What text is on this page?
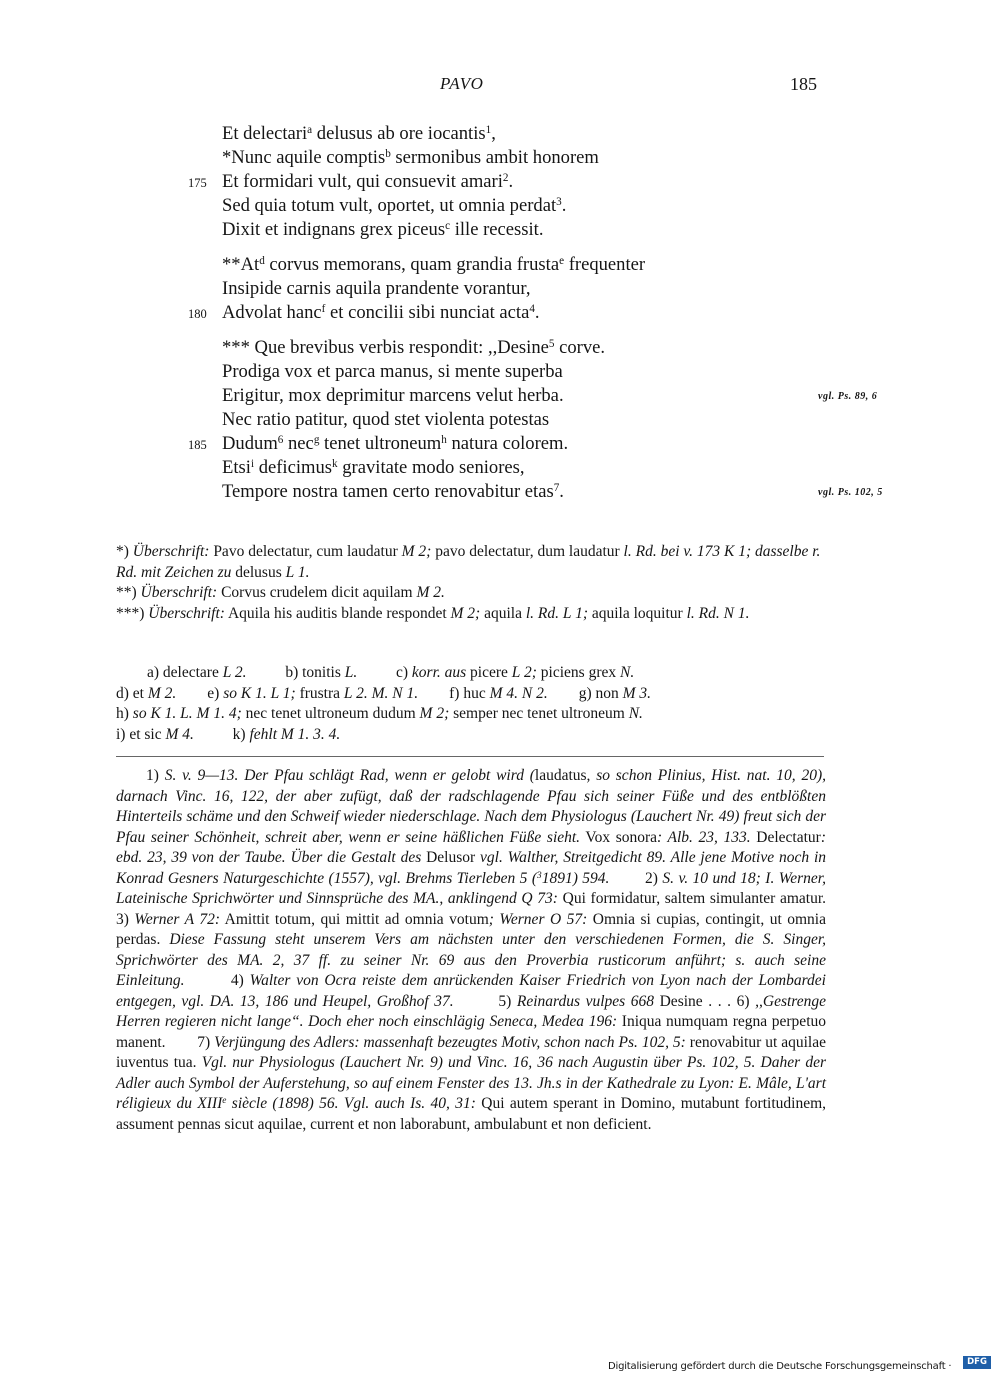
PAVO	185
Et delectari$^a$ delusus ab ore iocantis$^1$,
*Nunc aquile comptis$^b$ sermonibus ambit honorem
175 Et formidari vult, qui consuevit amari$^2$.
Sed quia totum vult, oportet, ut omnia perdat$^3$.
Dixit et indignans grex piceus$^c$ ille recessit.
**At$^d$ corvus memorans, quam grandia frusta$^e$ frequenter
Insipide carnis aquila prandente vorantur,
180 Advolat hanc$^f$ et concilii sibi nunciat acta$^4$.
*** Que brevibus verbis respondit: ,,Desine$^5$ corve.
Prodiga vox et parca manus, si mente superba
Erigitur, mox deprimitur marcens velut herba.	vgl. Ps. 89, 6
Nec ratio patitur, quod stet violenta potestas
185 Dudum$^6$ nec$^g$ tenet ultroneum$^h$ natura colorem.
Etsi$^i$ deficimus$^k$ gravitate modo seniores,
Tempore nostra tamen certo renovabitur etas$^7$.	vgl. Ps. 102, 5
*) Überschrift: Pavo delectatur, cum laudatur M 2; pavo delectatur, dum laudatur l. Rd. bei v. 173 K 1; dasselbe r. Rd. mit Zeichen zu delusus L 1.
**) Überschrift: Corvus crudelem dicit aquilam M 2.
***) Überschrift: Aquila his auditis blande respondet M 2; aquila l. Rd. L 1; aquila loquitur l. Rd. N 1.
a) delectare L 2.          b) tonitis L.          c) korr. aus picere L 2; piciens grex N.
d) et M 2.        e) so K 1. L 1; frustra L 2. M. N 1.        f) huc M 4. N 2.        g) non M 3.
h) so K 1. L. M 1. 4; nec tenet ultroneum dudum M 2; semper nec tenet ultroneum N.
i) et sic M 4.          k) fehlt M 1. 3. 4.

1) S. v. 9—13. Der Pfau schlägt Rad, wenn er gelobt wird (laudatus, so schon Plinius, Hist. nat. 10, 20), darnach Vinc. 16, 122, der aber zufügt, daß der radschlagende Pfau sich seiner Füße und des entblößten Hinterteils schäme und den Schweif wieder niederschlage. Nach dem Physiologus (Lauchert Nr. 49) freut sich der Pfau seiner Schönheit, schreit aber, wenn er seine häßlichen Füße sieht. Vox sonora: Alb. 23, 133. Delectatur: ebd. 23, 39 von der Taube. Über die Gestalt des Delusor vgl. Walther, Streitgedicht 89. Alle jene Motive noch in Konrad Gesners Naturgeschichte (1557), vgl. Brehms Tierleben 5 ($^3$1891) 594.        2) S. v. 10 und 18; I. Werner, Lateinische Sprichwörter und Sinnsprüche des MA., anklingend Q 73: Qui formidatur, saltem simulanter amatur. 3) Werner A 72: Amittit totum, qui mittit ad omnia votum; Werner O 57: Omnia si cupias, contingit, ut omnia perdas. Diese Fassung steht unserem Vers am nächsten unter den verschiedenen Formen, die S. Singer, Sprichwörter des MA. 2, 37 ff. zu seiner Nr. 69 aus den Proverbia rusticorum anführt; s. auch seine Einleitung.        4) Walter von Ocra reiste dem anrückenden Kaiser Friedrich von Lyon nach der Lombardei entgegen, vgl. DA. 13, 186 und Heupel, Großhof 37.        5) Reinardus vulpes 668 Desine . . . 6) ,,Gestrenge Herren regieren nicht lange“. Doch eher noch einschlägig Seneca, Medea 196: Iniqua numquam regna perpetuo manent.        7) Verjüngung des Adlers: massenhaft bezeugtes Motiv, schon nach Ps. 102, 5: renovabitur ut aquilae iuventus tua. Vgl. nur Physiologus (Lauchert Nr. 9) und Vinc. 16, 36 nach Augustin über Ps. 102, 5. Daher der Adler auch Symbol der Auferstehung, so auf einem Fenster des 13. Jh.s in der Kathedrale zu Lyon: E. Mâle, L'art réligieux du XIIIe siècle (1898) 56. Vgl. auch Is. 40, 31: Qui autem sperant in Domino, mutabunt fortitudinem, assument pennas sicut aquilae, current et non laborabunt, ambulabunt et non deficient.

Digitalisierung gefördert durch die Deutsche Forschungsgemeinschaft ·	DFG
